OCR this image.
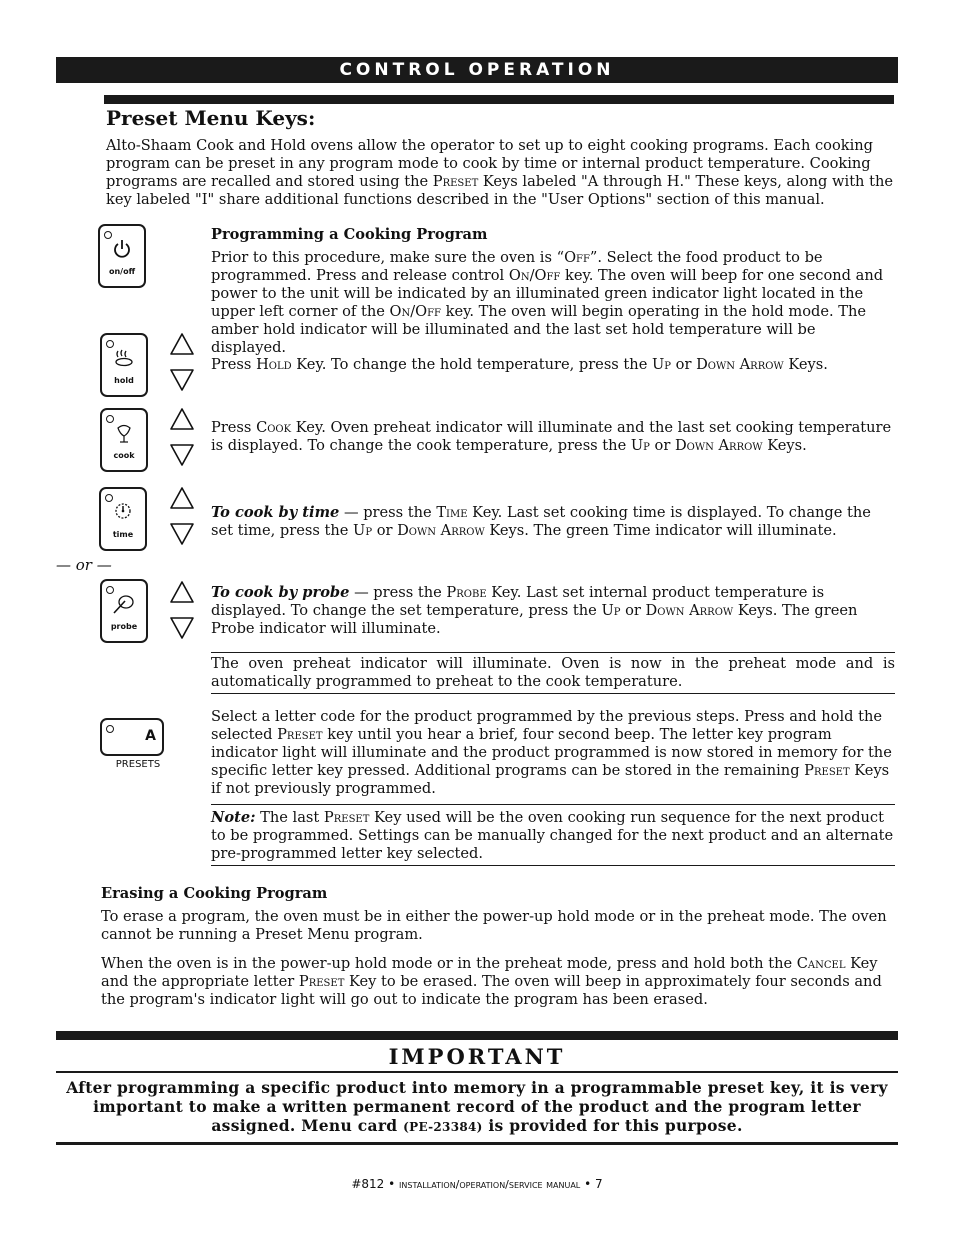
CONTROL OPERATION
Preset Menu Keys:

Alto-Shaam Cook and Hold ovens allow the operator to set up to eight cooking programs. Each cooking program can be preset in any program mode to cook by time or internal product temperature. Cooking programs are recalled and stored using the Preset Keys labeled "A through H." These keys, along with the key labeled "I" share additional functions described in the "User Options" section of this manual.

on/off
hold
cook
time
— or —
probe
A
PRESETS
Programming a Cooking Program

Prior to this procedure, make sure the oven is “Off”. Select the food product to be programmed. Press and release control On/Off key. The oven will beep for one second and power to the unit will be indicated by an illuminated green indicator light located in the upper left corner of the On/Off key. The oven will begin operating in the hold mode. The amber hold indicator will be illuminated and the last set hold temperature will be displayed.

Press Hold Key. To change the hold temperature, press the Up or Down Arrow Keys.

Press Cook Key. Oven preheat indicator will illuminate and the last set cooking temperature is displayed. To change the cook temperature, press the Up or Down Arrow Keys.

To cook by time — press the Time Key. Last set cooking time is displayed. To change the set time, press the Up or Down Arrow Keys. The green Time indicator will illuminate.

To cook by probe — press the Probe Key. Last set internal product temperature is displayed. To change the set temperature, press the Up or Down Arrow Keys. The green Probe indicator will illuminate.

The oven preheat indicator will illuminate. Oven is now in the preheat mode and is automatically programmed to preheat to the cook temperature.

Select a letter code for the product programmed by the previous steps. Press and hold the selected Preset key until you hear a brief, four second beep. The letter key program indicator light will illuminate and the product programmed is now stored in memory for the specific letter key pressed. Additional programs can be stored in the remaining Preset Keys if not previously programmed.

Note: The last Preset Key used will be the oven cooking run sequence for the next product to be programmed. Settings can be manually changed for the next product and an alternate pre-programmed letter key selected.

Erasing a Cooking Program

To erase a program, the oven must be in either the power-up hold mode or in the preheat mode. The oven cannot be running a Preset Menu program.

When the oven is in the power-up hold mode or in the preheat mode, press and hold both the Cancel Key and the appropriate letter Preset Key to be erased. The oven will beep in approximately four seconds and the program's indicator light will go out to indicate the program has been erased.

IMPORTANT
After programming a specific product into memory in a programmable preset key, it is very important to make a written permanent record of the product and the program letter assigned. Menu card (PE-23384) is provided for this purpose.
#812 • installation/operation/service manual • 7
